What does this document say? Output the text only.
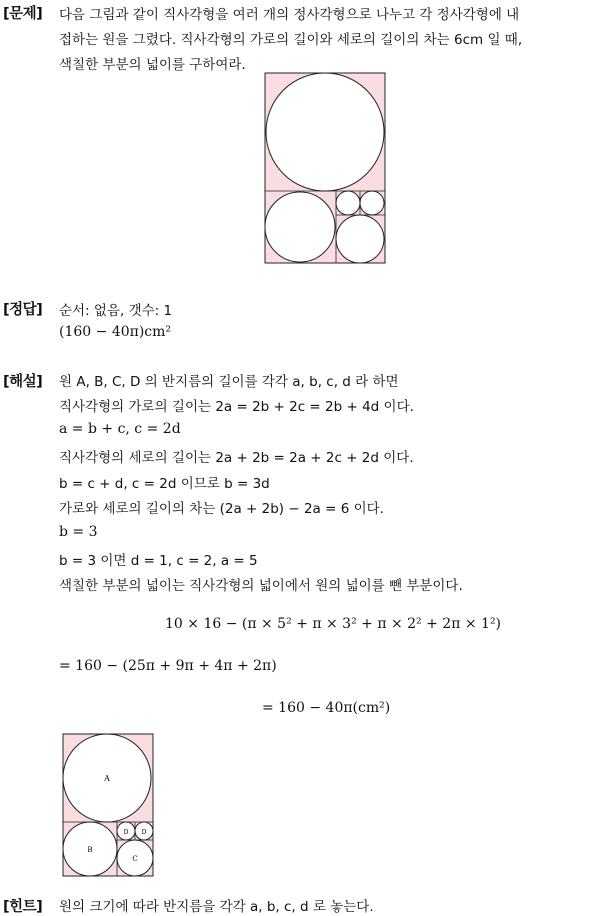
[문제] 다음 그림과 같이 직사각형을 여러 개의 정사각형으로 나누고 각 정사각형에 내
접하는 원을 그렸다. 직사각형의 가로의 길이와 세로의 길이의 차는 6cm 일 때,
색칠한 부분의 넓이를 구하여라.
[정답] 순서: 없음, 갯수: 1
(160 − 40π)cm²
[해설] 원 A, B, C, D 의 반지름의 길이를 각각 a, b, c, d 라 하면
직사각형의 가로의 길이는 2a = 2b + 2c = 2b + 4d 이다.
a = b + c, c = 2d
직사각형의 세로의 길이는 2a + 2b = 2a + 2c + 2d 이다.
b = c + d, c = 2d 이므로 b = 3d
가로와 세로의 길이의 차는 (2a + 2b) − 2a = 6 이다.
b = 3
b = 3 이면 d = 1, c = 2, a = 5
색칠한 부분의 넓이는 직사각형의 넓이에서 원의 넓이를 뺀 부분이다.
10 × 16 − (π × 5² + π × 3² + π × 2² + 2π × 1²)
= 160 − (25π + 9π + 4π + 2π)
= 160 − 40π(cm²)
A
B
C
D D
[힌트] 원의 크기에 따라 반지름을 각각 a, b, c, d 로 놓는다.
